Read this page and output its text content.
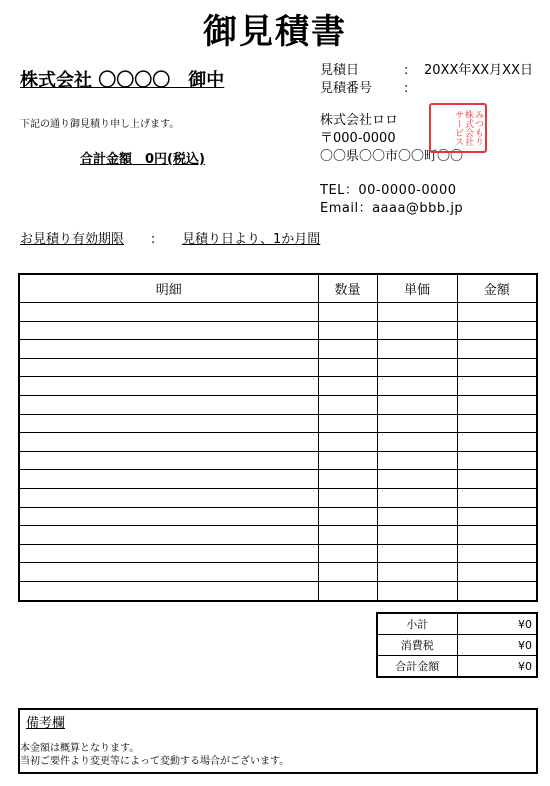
御見積書
株式会社 〇〇〇〇　御中
下記の通り御見積り申し上げます。
合計金額　0円(税込)
見積日	: 20XX年XX月XX日
見積番号 :
株式会社ロロ
〒000-0000
〇〇県〇〇市〇〇町〇〇
みつもり株式会社サービス
TEL：00-0000-0000
Email：aaaa@bbb.jp
お見積り有効期限 : 見積り日より、1か月間
明細	数量	単価	金額

小計	¥0
消費税	¥0
合計金額	¥0
備考欄
本金額は概算となります。
当初ご要件より変更等によって変動する場合がございます。
